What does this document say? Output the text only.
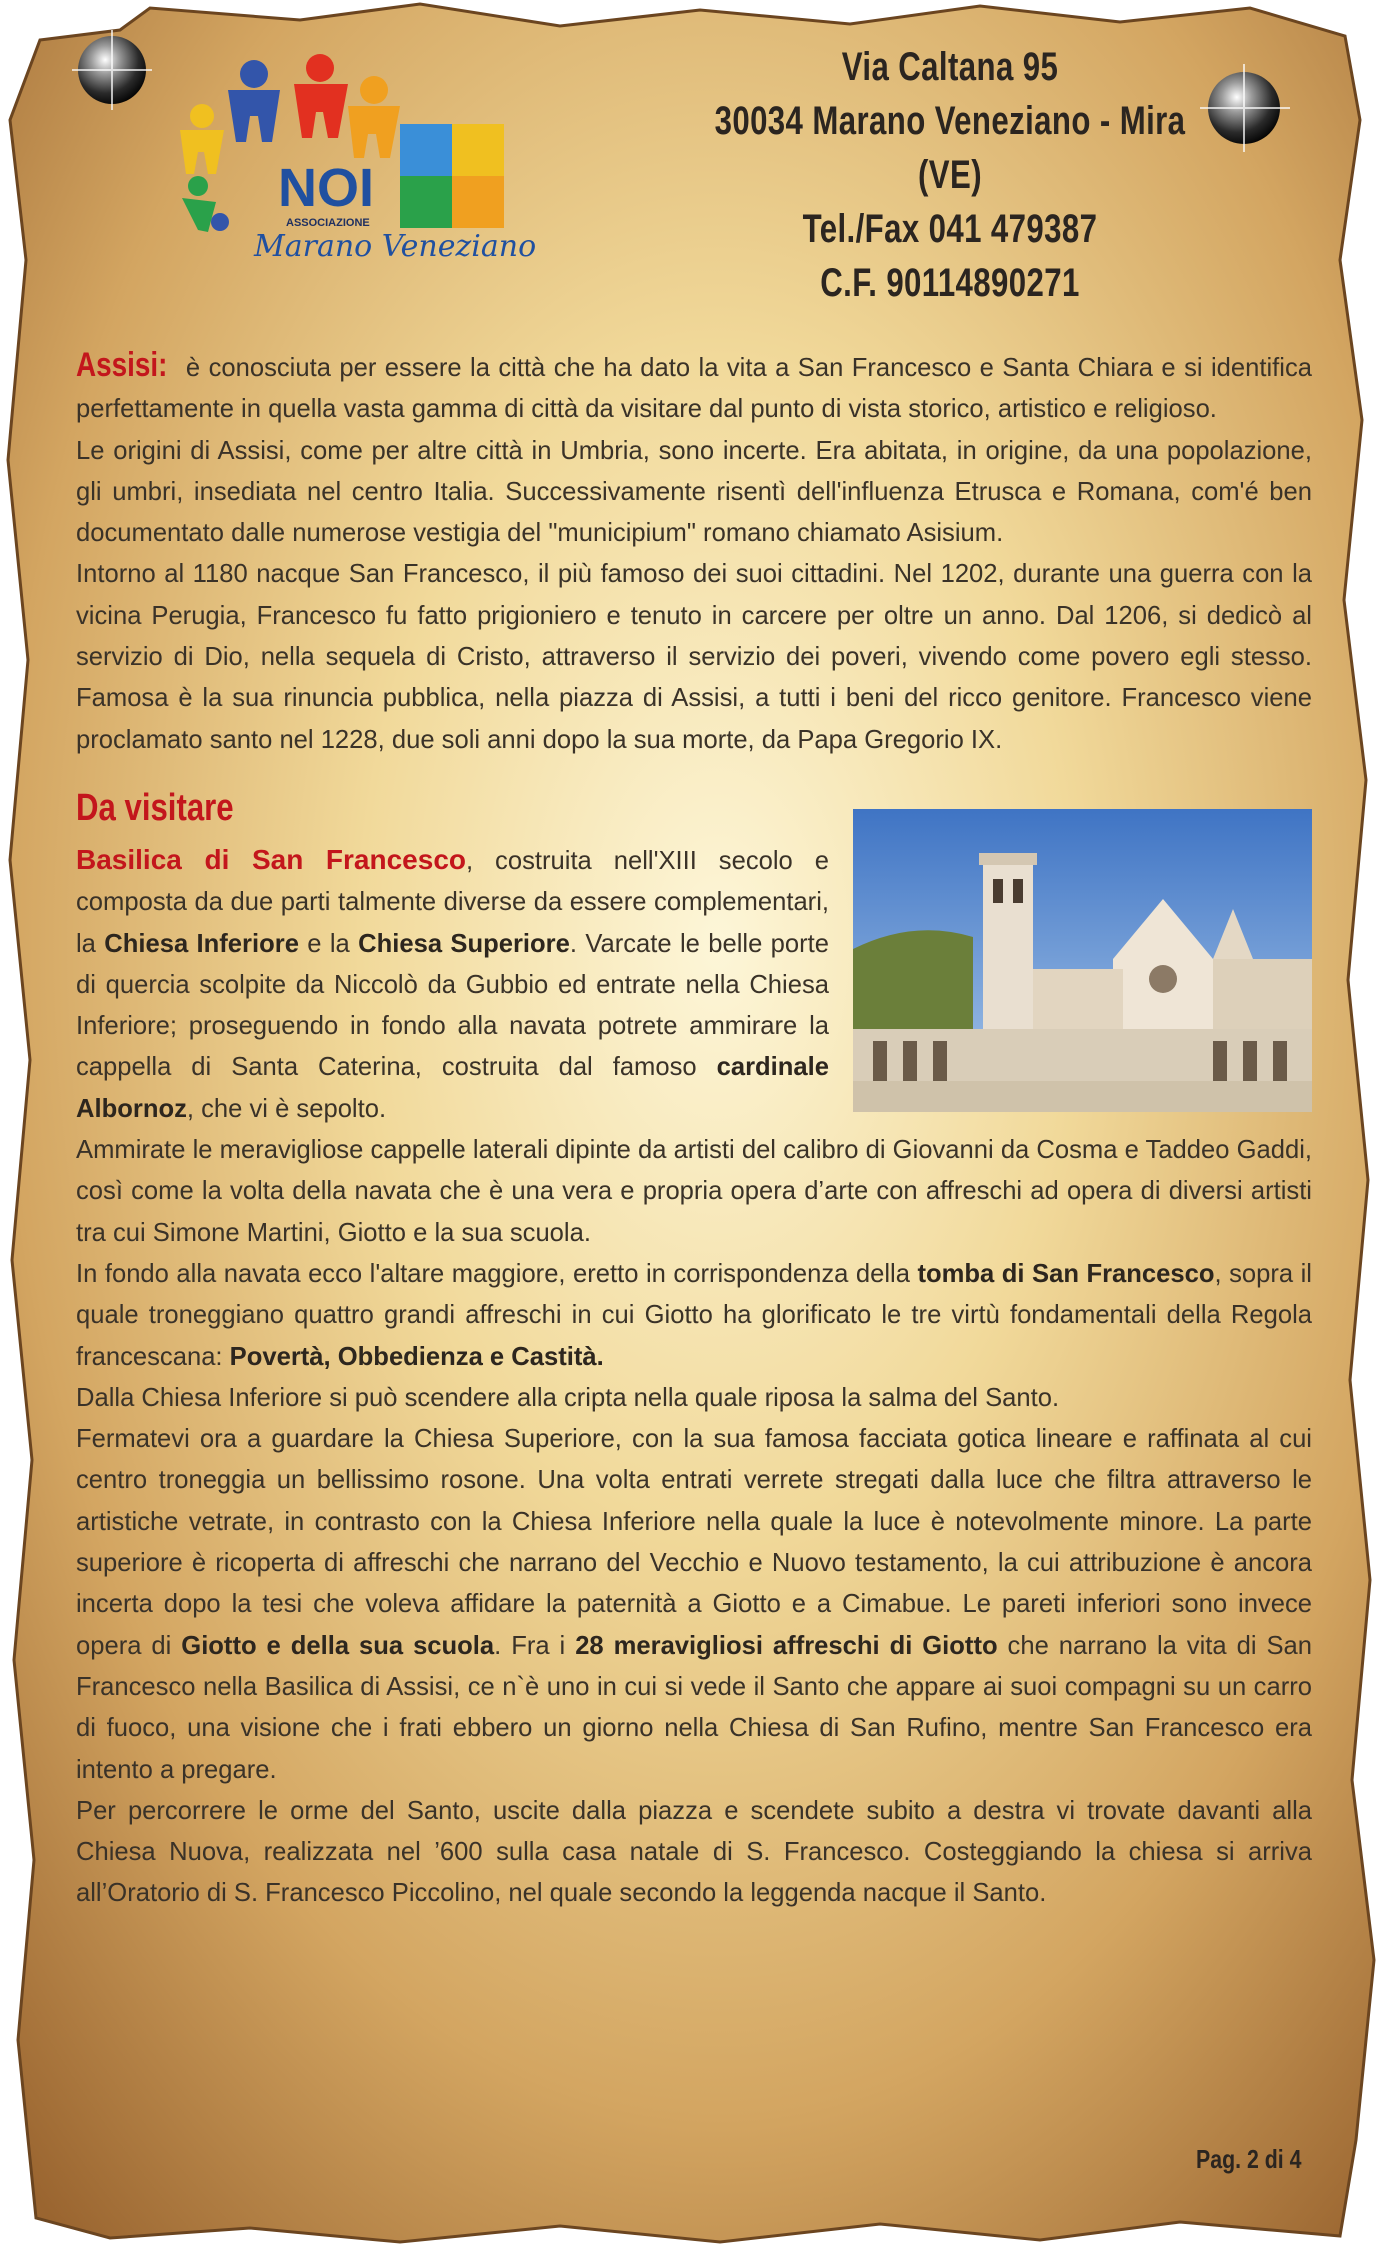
NOI
ASSOCIAZIONE
Marano Veneziano
Via Caltana 95
30034 Marano Veneziano - Mira (VE)
Tel./Fax 041 479387
C.F. 90114890271

Assisi: è conosciuta per essere la città che ha dato la vita a San Francesco e Santa Chiara e si identifica perfettamente in quella vasta gamma di città da visitare dal punto di vista storico, artistico e religioso.

Le origini di Assisi, come per altre città in Umbria, sono incerte. Era abitata, in origine, da una popolazione, gli umbri, insediata nel centro Italia. Successivamente risentì dell'influenza Etrusca e Romana, com'é ben documentato dalle numerose vestigia del "municipium" romano chiamato Asisium.

Intorno al 1180 nacque San Francesco, il più famoso dei suoi cittadini. Nel 1202, durante una guerra con la vicina Perugia, Francesco fu fatto prigioniero e tenuto in carcere per oltre un anno. Dal 1206, si dedicò al servizio di Dio, nella sequela di Cristo, attraverso il servizio dei poveri, vivendo come povero egli stesso. Famosa è la sua rinuncia pubblica, nella piazza di Assisi, a tutti i beni del ricco genitore. Francesco viene proclamato santo nel 1228, due soli anni dopo la sua morte, da Papa Gregorio IX.

Da visitare

Basilica di San Francesco, costruita nell'XIII secolo e composta da due parti talmente diverse da essere complementari, la Chiesa Inferiore e la Chiesa Superiore. Varcate le belle porte di quercia scolpite da Niccolò da Gubbio ed entrate nella Chiesa Inferiore; proseguendo in fondo alla navata potrete ammirare la cappella di Santa Caterina, costruita dal famoso cardinale Albornoz, che vi è sepolto.

Ammirate le meravigliose cappelle laterali dipinte da artisti del calibro di Giovanni da Cosma e Taddeo Gaddi, così come la volta della navata che è una vera e propria opera d’arte con affreschi ad opera di diversi artisti tra cui Simone Martini, Giotto e la sua scuola.

In fondo alla navata ecco l'altare maggiore, eretto in corrispondenza della tomba di San Francesco, sopra il quale troneggiano quattro grandi affreschi in cui Giotto ha glorificato le tre virtù fondamentali della Regola francescana: Povertà, Obbedienza e Castità.

Dalla Chiesa Inferiore si può scendere alla cripta nella quale riposa la salma del Santo.

Fermatevi ora a guardare la Chiesa Superiore, con la sua famosa facciata gotica lineare e raffinata al cui centro troneggia un bellissimo rosone. Una volta entrati verrete stregati dalla luce che filtra attraverso le artistiche vetrate, in contrasto con la Chiesa Inferiore nella quale la luce è notevolmente minore. La parte superiore è ricoperta di affreschi che narrano del Vecchio e Nuovo testamento, la cui attribuzione è ancora incerta dopo la tesi che voleva affidare la paternità a Giotto e a Cimabue. Le pareti inferiori sono invece opera di Giotto e della sua scuola. Fra i 28 meravigliosi affreschi di Giotto che narrano la vita di San Francesco nella Basilica di Assisi, ce n`è uno in cui si vede il Santo che appare ai suoi compagni su un carro di fuoco, una visione che i frati ebbero un giorno nella Chiesa di San Rufino, mentre San Francesco era intento a pregare.

Per percorrere le orme del Santo, uscite dalla piazza e scendete subito a destra vi trovate davanti alla Chiesa Nuova, realizzata nel ’600 sulla casa natale di S. Francesco. Costeggiando la chiesa si arriva all’Oratorio di S. Francesco Piccolino, nel quale secondo la leggenda nacque il Santo.

Pag. 2 di 4
